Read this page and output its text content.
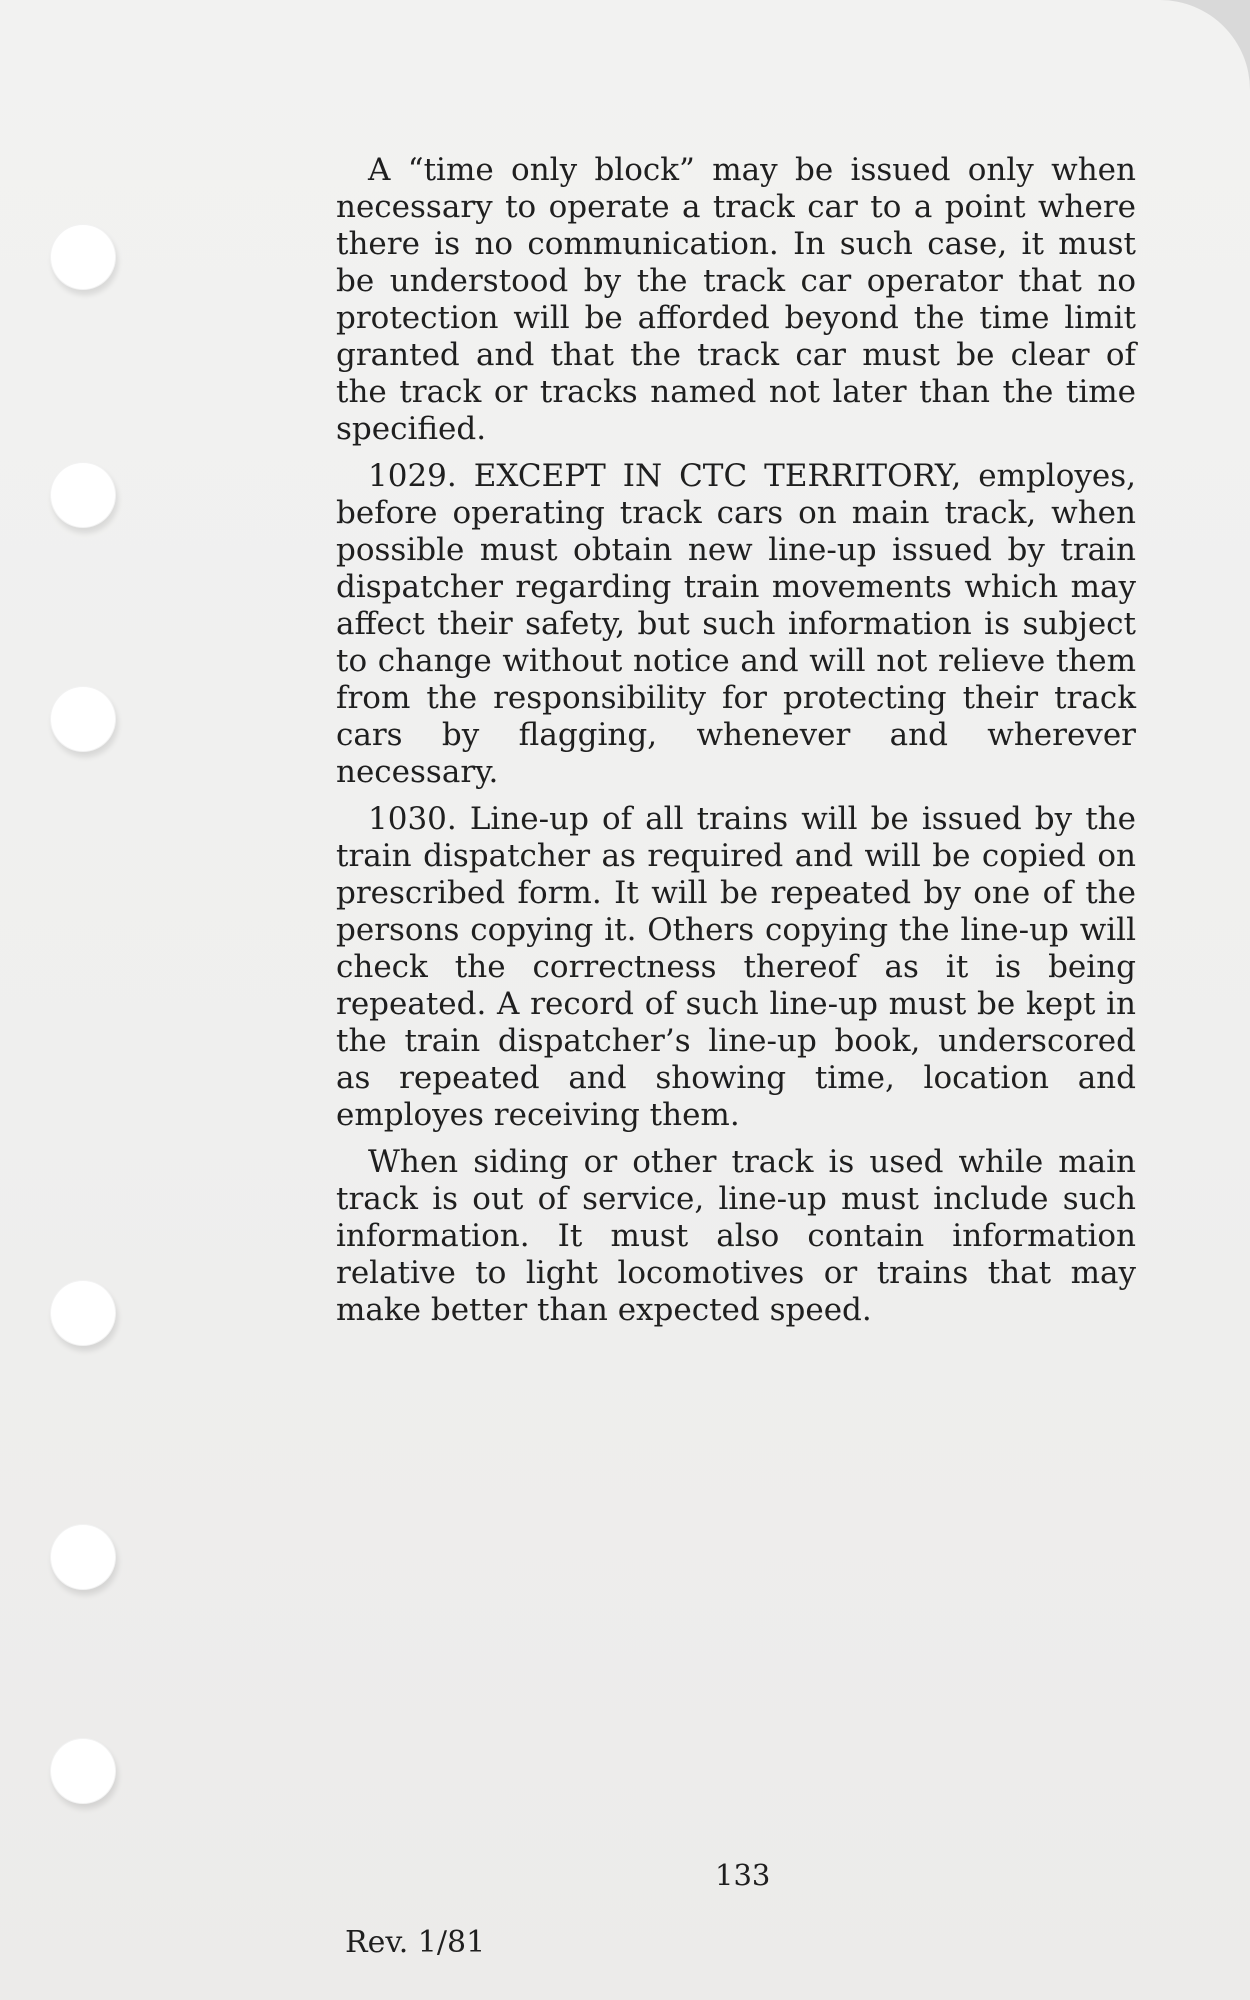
A “time only block” may be issued only when necessary to operate a track car to a point where there is no communication. In such case, it must be understood by the track car operator that no protection will be afforded beyond the time limit granted and that the track car must be clear of the track or tracks named not later than the time specified.

1029. EXCEPT IN CTC TERRITORY, employes, before operating track cars on main track, when possible must obtain new line-up issued by train dispatcher regarding train movements which may affect their safety, but such information is subject to change without notice and will not relieve them from the responsibility for protecting their track cars by flagging, whenever and wherever necessary.

1030. Line-up of all trains will be issued by the train dispatcher as required and will be copied on prescribed form. It will be repeated by one of the persons copying it. Others copying the line-up will check the correctness thereof as it is being repeated. A record of such line-up must be kept in the train dispatcher’s line-up book, underscored as repeated and showing time, location and employes receiving them.

When siding or other track is used while main track is out of service, line-up must include such information. It must also contain information relative to light locomotives or trains that may make better than expected speed.

133
Rev. 1/81
